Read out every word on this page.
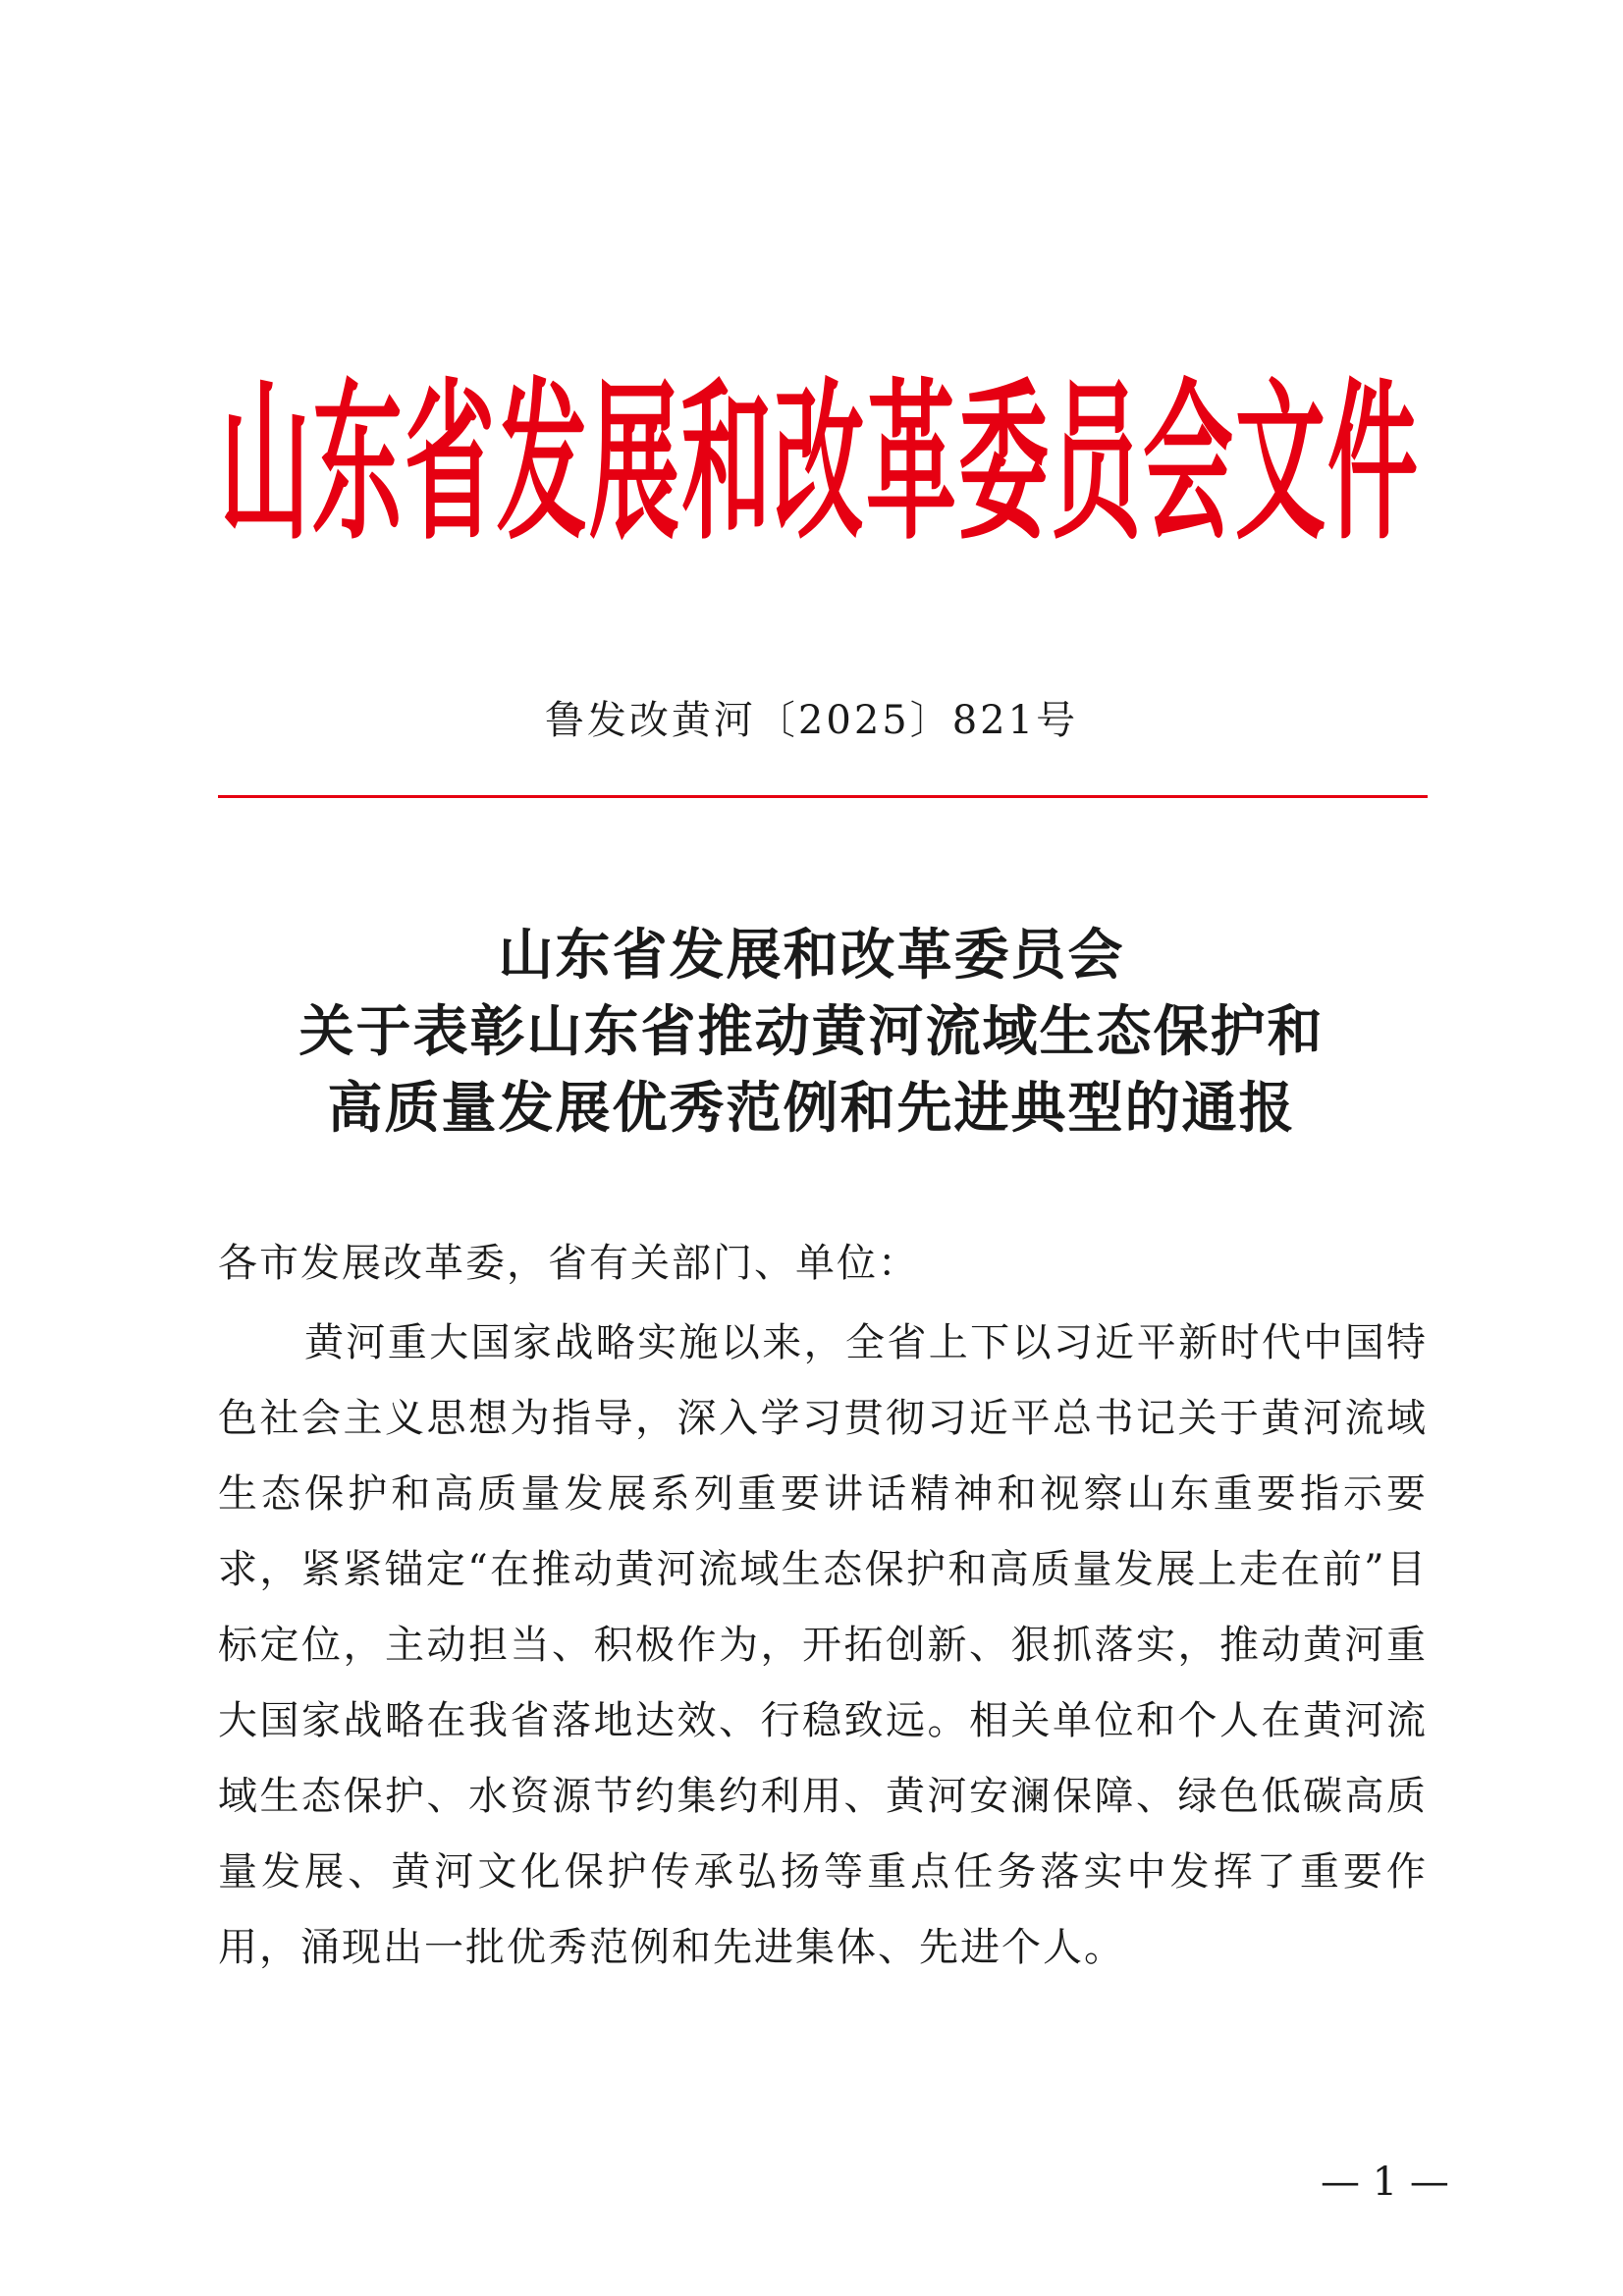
山东省发展和改革委员会文件
鲁发改黄河〔2025〕821号
山东省发展和改革委员会
关于表彰山东省推动黄河流域生态保护和
高质量发展优秀范例和先进典型的通报
各市发展改革委，省有关部门、单位：

黄河重大国家战略实施以来，全省上下以习近平新时代中国特色社会主义思想为指导，深入学习贯彻习近平总书记关于黄河流域生态保护和高质量发展系列重要讲话精神和视察山东重要指示要求，紧紧锚定“在推动黄河流域生态保护和高质量发展上走在前”目标定位，主动担当、积极作为，开拓创新、狠抓落实，推动黄河重大国家战略在我省落地达效、行稳致远。相关单位和个人在黄河流域生态保护、水资源节约集约利用、黄河安澜保障、绿色低碳高质量发展、黄河文化保护传承弘扬等重点任务落实中发挥了重要作用，涌现出一批优秀范例和先进集体、先进个人。

— 1 —
